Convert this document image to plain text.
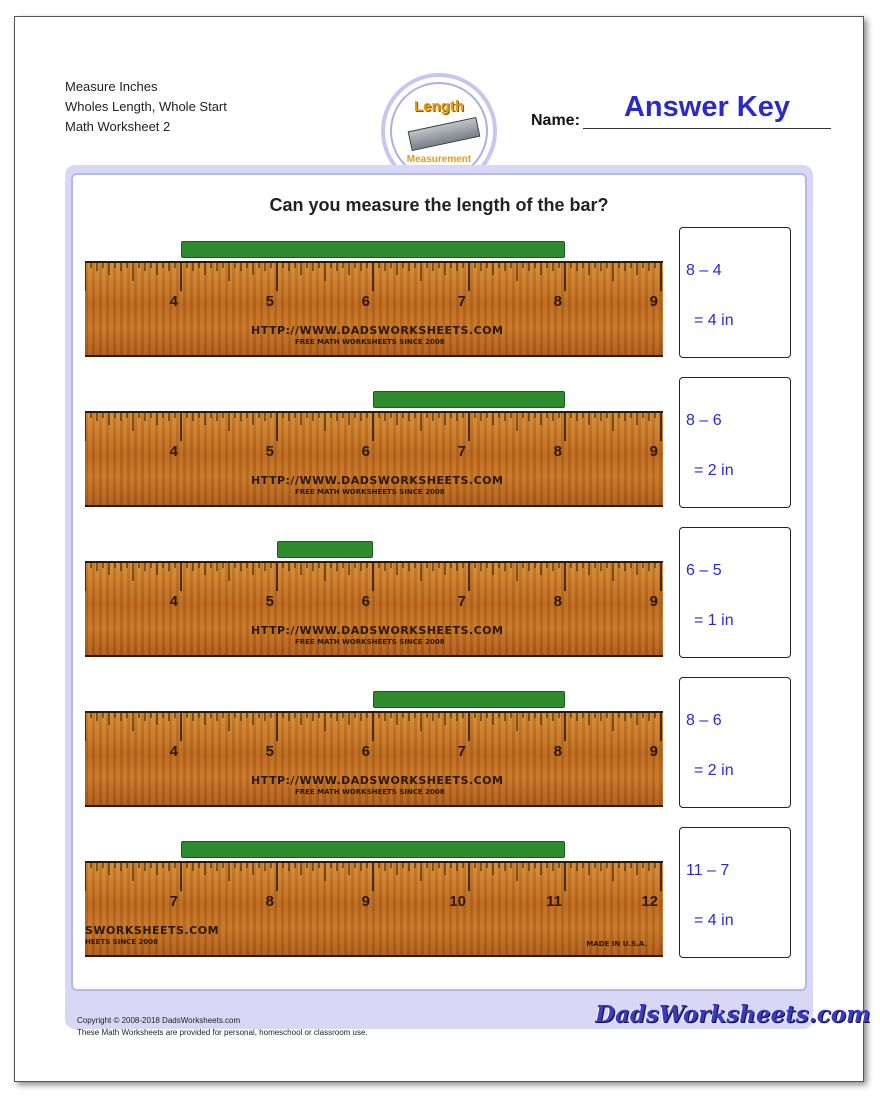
Measure Inches
Wholes Length, Whole Start
Math Worksheet 2
Length
Measurement
Name:	Answer Key
Can you measure the length of the bar?
4	5	6	7	8	9
HTTP://WWW.DADSWORKSHEETS.COM
FREE MATH WORKSHEETS SINCE 2008
8 – 4
= 4 in
4	5	6	7	8	9
HTTP://WWW.DADSWORKSHEETS.COM
FREE MATH WORKSHEETS SINCE 2008
8 – 6
= 2 in
4	5	6	7	8	9
HTTP://WWW.DADSWORKSHEETS.COM
FREE MATH WORKSHEETS SINCE 2008
6 – 5
= 1 in
4	5	6	7	8	9
HTTP://WWW.DADSWORKSHEETS.COM
FREE MATH WORKSHEETS SINCE 2008
8 – 6
= 2 in
7	8	9	10	11	12
SWORKSHEETS.COM
HEETS SINCE 2008	MADE IN U.S.A.
11 – 7
= 4 in
Copyright © 2008-2018 DadsWorksheets.com
These Math Worksheets are provided for personal, homeschool or classroom use.
DadsWorksheets.com
